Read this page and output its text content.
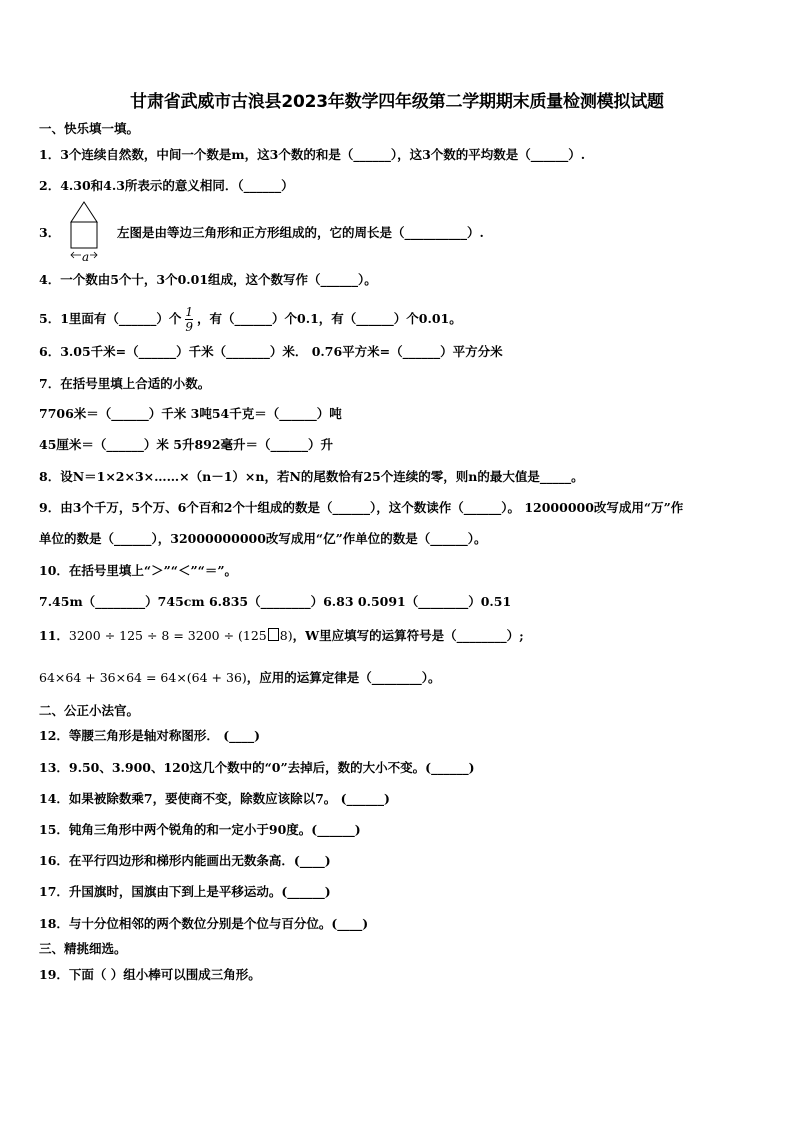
甘肃省武威市古浪县2023年数学四年级第二学期期末质量检测模拟试题
一、快乐填一填。
1．3个连续自然数，中间一个数是m，这3个数的和是（______），这3个数的平均数是（______）.
2．4.30和4.3所表示的意义相同．（______）
3．
a
左图是由等边三角形和正方形组成的，它的周长是（__________）.
4．一个数由5个十，3个0.01组成，这个数写作（______）。
5．1里面有（______）个 $\frac{1}{9}$ ，有（______）个0.1，有（______）个0.01。
6．3.05千米=（______）千米（_______）米． 0.76平方米=（______）平方分米
7．在括号里填上合适的小数。
7706米＝（______）千米 3吨54千克＝（______）吨
45厘米＝（______）米 5升892毫升＝（______）升
8．设N＝1×2×3×……×（n－1）×n，若N的尾数恰有25个连续的零，则n的最大值是_____。
9．由3个千万，5个万、6个百和2个十组成的数是（______），这个数读作（______）。 12000000改写成用“万”作
单位的数是（______），32000000000改写成用“亿”作单位的数是（______）。
10．在括号里填上“＞”“＜”“＝”。
7.45m（________）745cm 6.835（________）6.83 0.5091（________）0.51
11．3200 ÷ 125 ÷ 8 = 3200 ÷ (125 8)，W里应填写的运算符号是（________）;
64×64 + 36×64 = 64×(64 + 36)，应用的运算定律是（________）。
二、公正小法官。
12．等腰三角形是轴对称图形． (____)
13．9.50、3.900、120这几个数中的“0”去掉后，数的大小不变。(______)
14．如果被除数乘7，要使商不变，除数应该除以7。 (______)
15．钝角三角形中两个锐角的和一定小于90度。(______)
16．在平行四边形和梯形内能画出无数条高．(____)
17．升国旗时，国旗由下到上是平移运动。(______)
18．与十分位相邻的两个数位分别是个位与百分位。(____)
三、精挑细选。
19．下面（ ）组小棒可以围成三角形。
